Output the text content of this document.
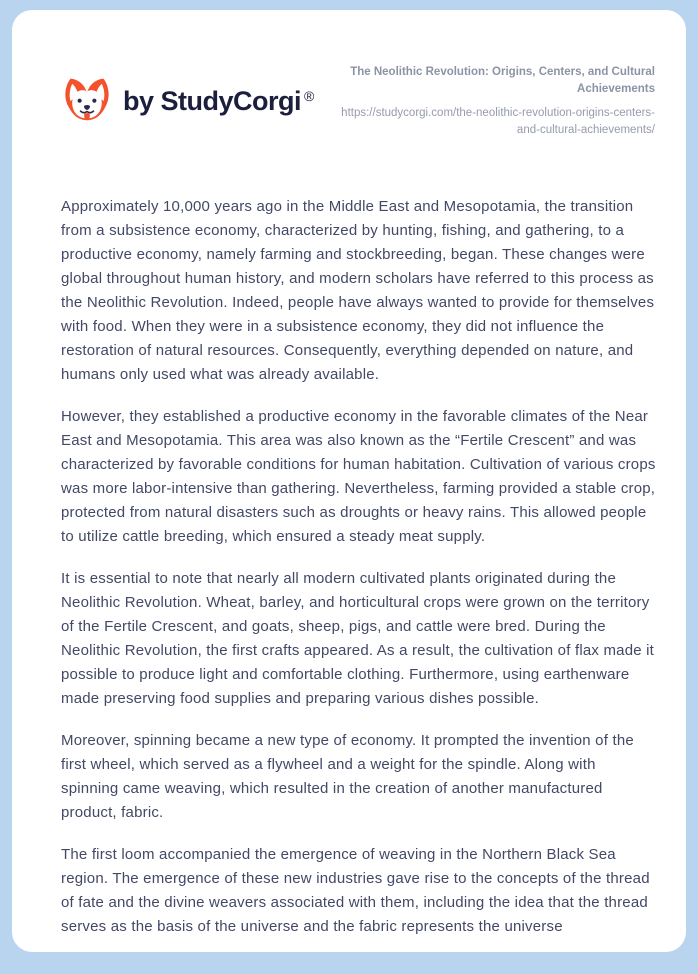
by StudyCorgi ®
The Neolithic Revolution: Origins, Centers, and Cultural Achievements
https://studycorgi.com/the-neolithic-revolution-origins-centers-and-cultural-achievements/

Approximately 10,000 years ago in the Middle East and Mesopotamia, the transition from a subsistence economy, characterized by hunting, fishing, and gathering, to a productive economy, namely farming and stockbreeding, began. These changes were global throughout human history, and modern scholars have referred to this process as the Neolithic Revolution. Indeed, people have always wanted to provide for themselves with food. When they were in a subsistence economy, they did not influence the restoration of natural resources. Consequently, everything depended on nature, and humans only used what was already available.

However, they established a productive economy in the favorable climates of the Near East and Mesopotamia. This area was also known as the “Fertile Crescent” and was characterized by favorable conditions for human habitation. Cultivation of various crops was more labor-intensive than gathering. Nevertheless, farming provided a stable crop, protected from natural disasters such as droughts or heavy rains. This allowed people to utilize cattle breeding, which ensured a steady meat supply.

It is essential to note that nearly all modern cultivated plants originated during the Neolithic Revolution. Wheat, barley, and horticultural crops were grown on the territory of the Fertile Crescent, and goats, sheep, pigs, and cattle were bred. During the Neolithic Revolution, the first crafts appeared. As a result, the cultivation of flax made it possible to produce light and comfortable clothing. Furthermore, using earthenware made preserving food supplies and preparing various dishes possible.

Moreover, spinning became a new type of economy. It prompted the invention of the first wheel, which served as a flywheel and a weight for the spindle. Along with spinning came weaving, which resulted in the creation of another manufactured product, fabric.

The first loom accompanied the emergence of weaving in the Northern Black Sea region. The emergence of these new industries gave rise to the concepts of the thread of fate and the divine weavers associated with them, including the idea that the thread serves as the basis of the universe and the fabric represents the universe
